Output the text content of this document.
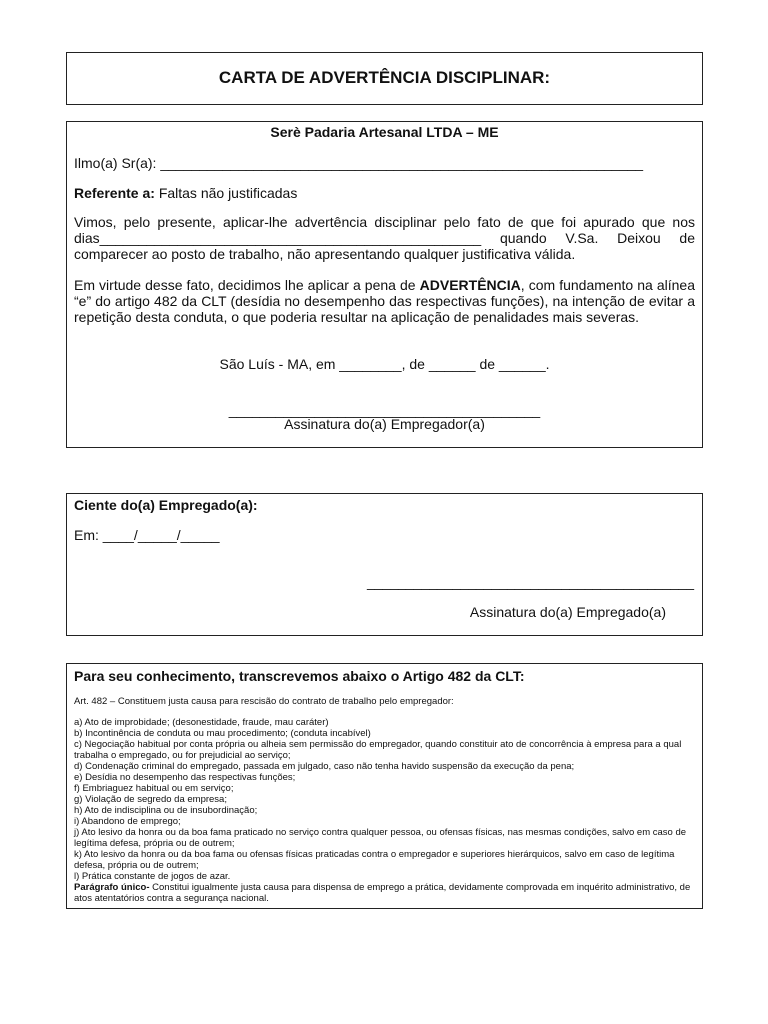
CARTA DE ADVERTÊNCIA DISCIPLINAR:
Serè Padaria Artesanal LTDA – ME
Ilmo(a) Sr(a): ______________________________________________________________
Referente a: Faltas não justificadas
Vimos, pelo presente, aplicar-lhe advertência disciplinar pelo fato de que foi apurado que nos dias_________________________________________________ quando V.Sa. Deixou de comparecer ao posto de trabalho, não apresentando qualquer justificativa válida.
Em virtude desse fato, decidimos lhe aplicar a pena de ADVERTÊNCIA, com fundamento na alínea “e” do artigo 482 da CLT (desídia no desempenho das respectivas funções), na intenção de evitar a repetição desta conduta, o que poderia resultar na aplicação de penalidades mais severas.
São Luís - MA, em ________, de ______ de ______.
________________________________________
Assinatura do(a) Empregador(a)
Ciente do(a) Empregado(a):
Em: ____/_____/_____
__________________________________________
Assinatura do(a) Empregado(a)
Para seu conhecimento, transcrevemos abaixo o Artigo 482 da CLT:
Art. 482 – Constituem justa causa para rescisão do contrato de trabalho pelo empregador:
a) Ato de improbidade; (desonestidade, fraude, mau caráter)
b) Incontinência de conduta ou mau procedimento; (conduta incabível)
c) Negociação habitual por conta própria ou alheia sem permissão do empregador, quando constituir ato de concorrência à empresa para a qual trabalha o empregado, ou for prejudicial ao serviço;
d) Condenação criminal do empregado, passada em julgado, caso não tenha havido suspensão da execução da pena;
e) Desídia no desempenho das respectivas funções;
f) Embriaguez habitual ou em serviço;
g) Violação de segredo da empresa;
h) Ato de indisciplina ou de insubordinação;
i) Abandono de emprego;
j) Ato lesivo da honra ou da boa fama praticado no serviço contra qualquer pessoa, ou ofensas físicas, nas mesmas condições, salvo em caso de legítima defesa, própria ou de outrem;
k) Ato lesivo da honra ou da boa fama ou ofensas físicas praticadas contra o empregador e superiores hierárquicos, salvo em caso de legítima defesa, própria ou de outrem;
l) Prática constante de jogos de azar.
Parágrafo único- Constitui igualmente justa causa para dispensa de emprego a prática, devidamente comprovada em inquérito administrativo, de atos atentatórios contra a segurança nacional.
